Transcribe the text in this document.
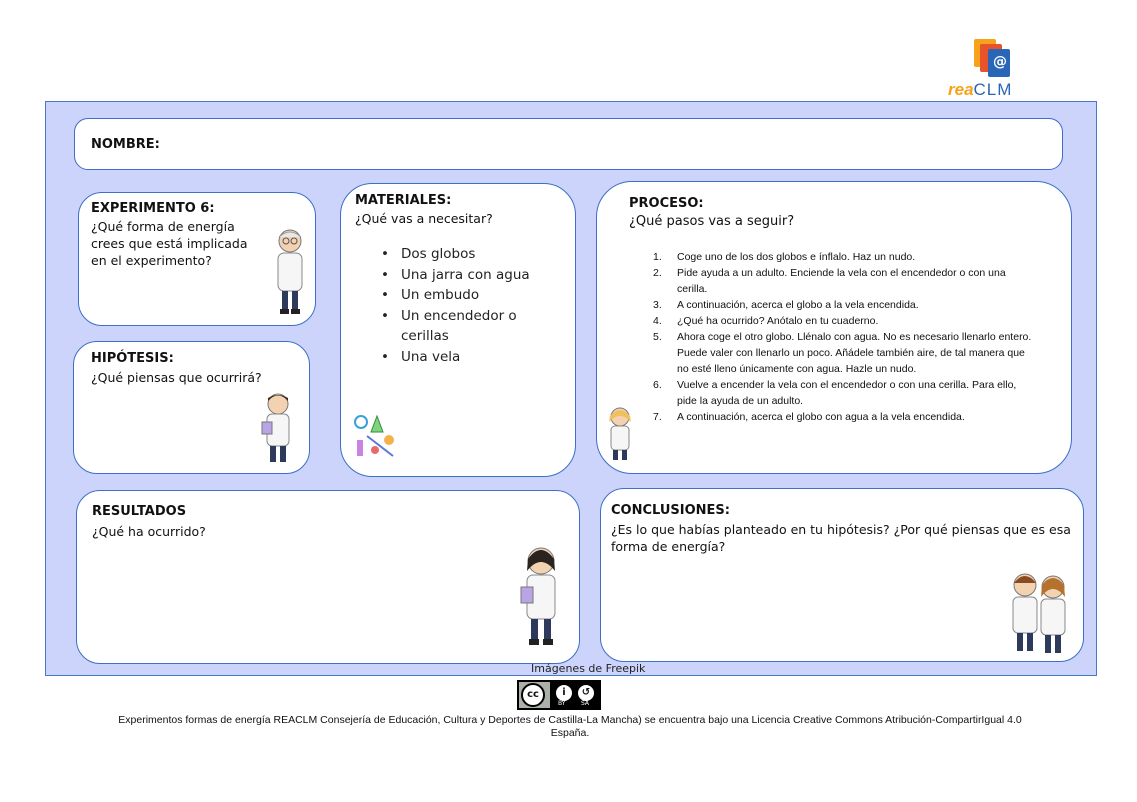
@
reaCLM
NOMBRE:
EXPERIMENTO 6:
¿Qué forma de energía crees que está implicada en el experimento?
HIPÓTESIS:
¿Qué piensas que ocurrirá?
MATERIALES:
¿Qué vas a necesitar?
• Dos globos
• Una jarra con agua
• Un embudo
• Un encendedor o cerillas
• Una vela
PROCESO:
¿Qué pasos vas a seguir?
1. Coge uno de los dos globos e ínflalo. Haz un nudo.
2. Pide ayuda a un adulto. Enciende la vela con el encendedor o con una cerilla.
3. A continuación, acerca el globo a la vela encendida.
4. ¿Qué ha ocurrido? Anótalo en tu cuaderno.
5. Ahora coge el otro globo. Llénalo con agua. No es necesario llenarlo entero. Puede valer con llenarlo un poco. Añádele también aire, de tal manera que no esté lleno únicamente con agua. Hazle un nudo.
6. Vuelve a encender la vela con el encendedor o con una cerilla. Para ello, pide la ayuda de un adulto.
7. A continuación, acerca el globo con agua a la vela encendida.
RESULTADOS
¿Qué ha ocurrido?
CONCLUSIONES:
¿Es lo que habías planteado en tu hipótesis? ¿Por qué piensas que es esa forma de energía?
Imágenes de Freepik
cc	i	↺
BY	SA
Experimentos formas de energía REACLM Consejería de Educación, Cultura y Deportes de Castilla-La Mancha) se encuentra bajo una Licencia Creative Commons Atribución-CompartirIgual 4.0 España.
